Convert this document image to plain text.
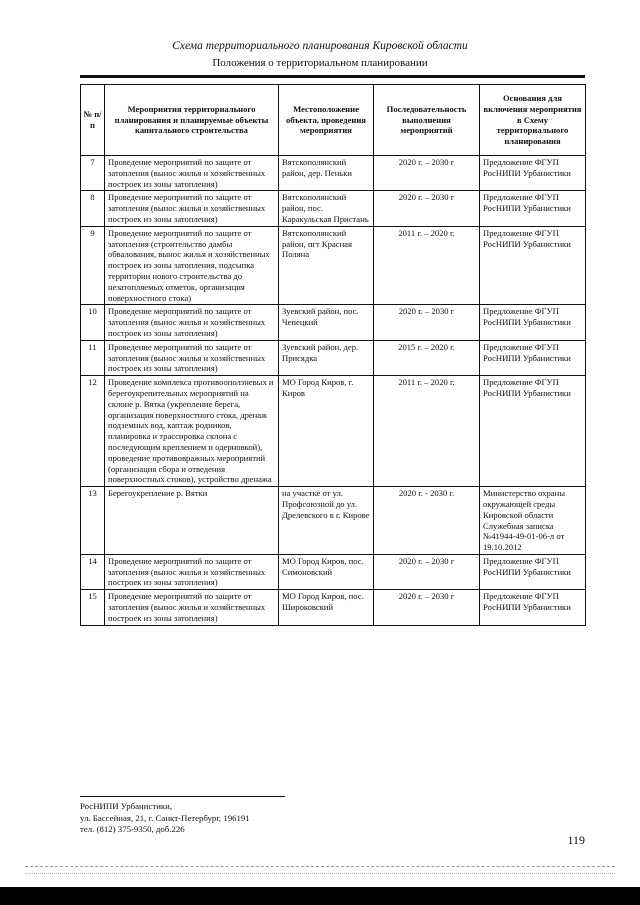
Схема территориального планирования Кировской области
Положения о территориальном планировании
№ п/п	Мероприятия территориального планирования и планируемые объекты капитального строительства	Местоположение объекта, проведения мероприятия	Последовательность выполнения мероприятий	Основания для включения мероприятия в Схему территориального планирования
7	Проведение мероприятий по защите от затопления (вынос жилья и хозяйственных построек из зоны затопления)	Вятскополянский район, дер. Пеньки	2020 г. – 2030 г	Предложение ФГУП РосНИПИ Урбанистики
8	Проведение мероприятий по защите от затопления (вынос жилья и хозяйственных построек из зоны затопления)	Вятскополянский район, пос. Каракульская Пристань	2020 г. – 2030 г	Предложение ФГУП РосНИПИ Урбанистики
9	Проведение мероприятий по защите от затопления (строительство дамбы обвалования, вынос жилья и хозяйственных построек из зоны затопления, подсыпка территории нового строительства до незатопляемых отметок, организация поверхностного стока)	Вятскополянский район, пгт Красная Поляна	2011 г. – 2020 г.	Предложение ФГУП РосНИПИ Урбанистики
10	Проведение мероприятий по защите от затопления (вынос жилья и хозяйственных построек из зоны затопления)	Зуевский район, пос. Чепецкий	2020 г. – 2030 г	Предложение ФГУП РосНИПИ Урбанистики
11	Проведение мероприятий по защите от затопления (вынос жилья и хозяйственных построек из зоны затопления)	Зуевский район, дер. Присядка	2015 г. – 2020 г.	Предложение ФГУП РосНИПИ Урбанистики
12	Проведение комплекса противооползневых и берегоукрепительных мероприятий на склоне р. Вятка (укрепление берега, организация поверхностного стока, дренаж подземных вод, каптаж родников, планировка и трассировка склона с последующим креплением и одерновкой), проведение противовражных мероприятий (организация сбора и отведения поверхностных стоков), устройство дренажа	МО Город Киров, г. Киров	2011 г. – 2020 г.	Предложение ФГУП РосНИПИ Урбанистики
13	Берегоукрепление р. Вятки	на участке от ул. Профсоюзной до ул. Дрелевского в г. Кирове	2020 г. - 2030 г.	Министерство охраны окружающей среды Кировской области Служебная записка №41944-49-01-06-л от 19.10.2012
14	Проведение мероприятий по защите от затопления (вынос жилья и хозяйственных построек из зоны затопления)	МО Город Киров, пос. Симоновский	2020 г. – 2030 г	Предложение ФГУП РосНИПИ Урбанистики
15	Проведение мероприятий по защите от затопления (вынос жилья и хозяйственных построек из зоны затопления)	МО Город Киров, пос. Широковский	2020 г. – 2030 г	Предложение ФГУП РосНИПИ Урбанистики
РосНИПИ Урбанистики,
ул. Бассейная, 21, г. Санкт-Петербург, 196191
тел. (812) 375-9350, доб.226
119
